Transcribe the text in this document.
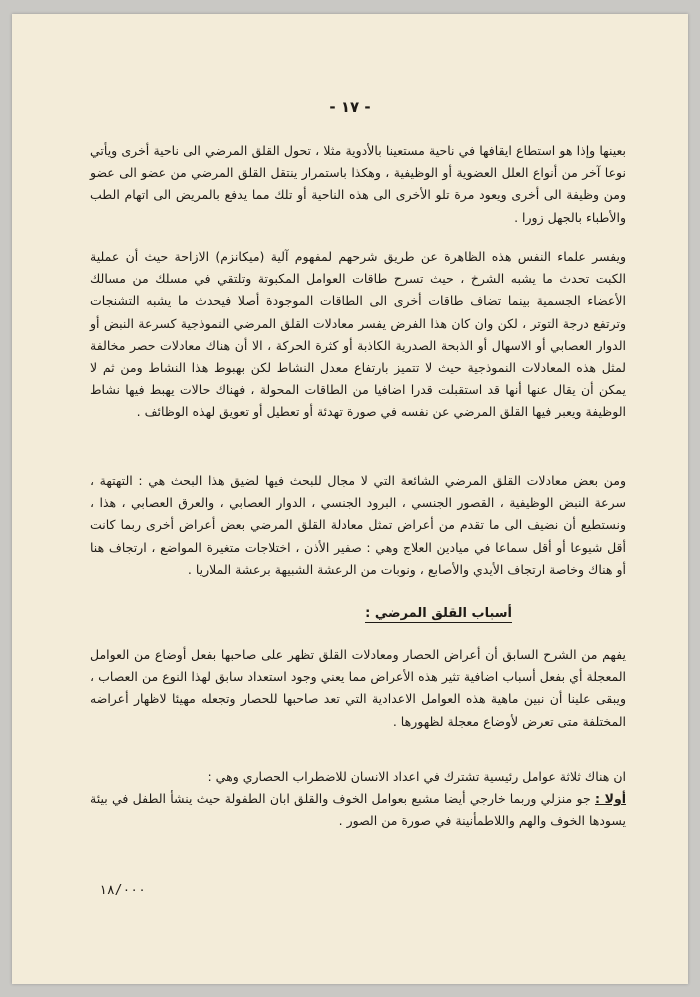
- ١٧ -

بعينها وإذا هو استطاع ايقافها في ناحية مستعينا بالأدوية مثلا ، تحول القلق المرضي الى ناحية أخرى ويأتي نوعا آخر من أنواع العلل العضوية أو الوظيفية ، وهكذا باستمرار ينتقل القلق المرضي من عضو الى عضو ومن وظيفة الى أخرى ويعود مرة تلو الأخرى الى هذه الناحية أو تلك مما يدفع بالمريض الى اتهام الطب والأطباء بالجهل زورا .

ويفسر علماء النفس هذه الظاهرة عن طريق شرحهم لمفهوم آلية (ميكانزم) الازاحة حيث أن عملية الكبت تحدث ما يشبه الشرخ ، حيث تسرح طاقات العوامل المكبوتة وتلتقي في مسلك من مسالك الأعضاء الجسمية بينما تضاف طاقات أخرى الى الطاقات الموجودة أصلا فيحدث ما يشبه التشنجات وترتفع درجة التوتر ، لكن وان كان هذا الفرض يفسر معادلات القلق المرضي النموذجية كسرعة النبض أو الدوار العصابي أو الاسهال أو الذبحة الصدرية الكاذبة أو كثرة الحركة ، الا أن هناك معادلات حصر مخالفة لمثل هذه المعادلات النموذجية حيث لا تتميز بارتفاع معدل النشاط لكن بهبوط هذا النشاط ومن ثم لا يمكن أن يقال عنها أنها قد استقبلت قدرا اضافيا من الطاقات المحولة ، فهناك حالات يهبط فيها نشاط الوظيفة ويعبر فيها القلق المرضي عن نفسه في صورة تهدئة أو تعطيل أو تعويق لهذه الوظائف .

ومن بعض معادلات القلق المرضي الشائعة التي لا مجال للبحث فيها لضيق هذا البحث هي : التهتهة ، سرعة النبض الوظيفية ، القصور الجنسي ، البرود الجنسي ، الدوار العصابي ، والعرق العصابي ، هذا ، ونستطيع أن نضيف الى ما تقدم من أعراض تمثل معادلة القلق المرضي بعض أعراض أخرى ربما كانت أقل شيوعا أو أقل سماعا في ميادين العلاج وهي : صفير الأذن ، اختلاجات متغيرة المواضع ، ارتجاف هنا أو هناك وخاصة ارتجاف الأيدي والأصابع ، ونوبات من الرعشة الشبيهة برعشة الملاريا .

أسباب القلق المرضي :

يفهم من الشرح السابق أن أعراض الحصار ومعادلات القلق تظهر على صاحبها بفعل أوضاع من العوامل المعجلة أي بفعل أسباب اضافية تثير هذه الأعراض مما يعني وجود استعداد سابق لهذا النوع من العصاب ، ويبقى علينا أن نبين ماهية هذه العوامل الاعدادية التي تعد صاحبها للحصار وتجعله مهيئا لاظهار أعراضه المختلفة متى تعرض لأوضاع معجلة لظهورها .

ان هناك ثلاثة عوامل رئيسية تشترك في اعداد الانسان للاضطراب الحصاري وهي :
أولا : جو منزلي وربما خارجي أيضا مشبع بعوامل الخوف والقلق ابان الطفولة حيث ينشأ الطفل في بيئة يسودها الخوف والهم واللاطمأنينة في صورة من الصور .

١٨/٠٠٠
